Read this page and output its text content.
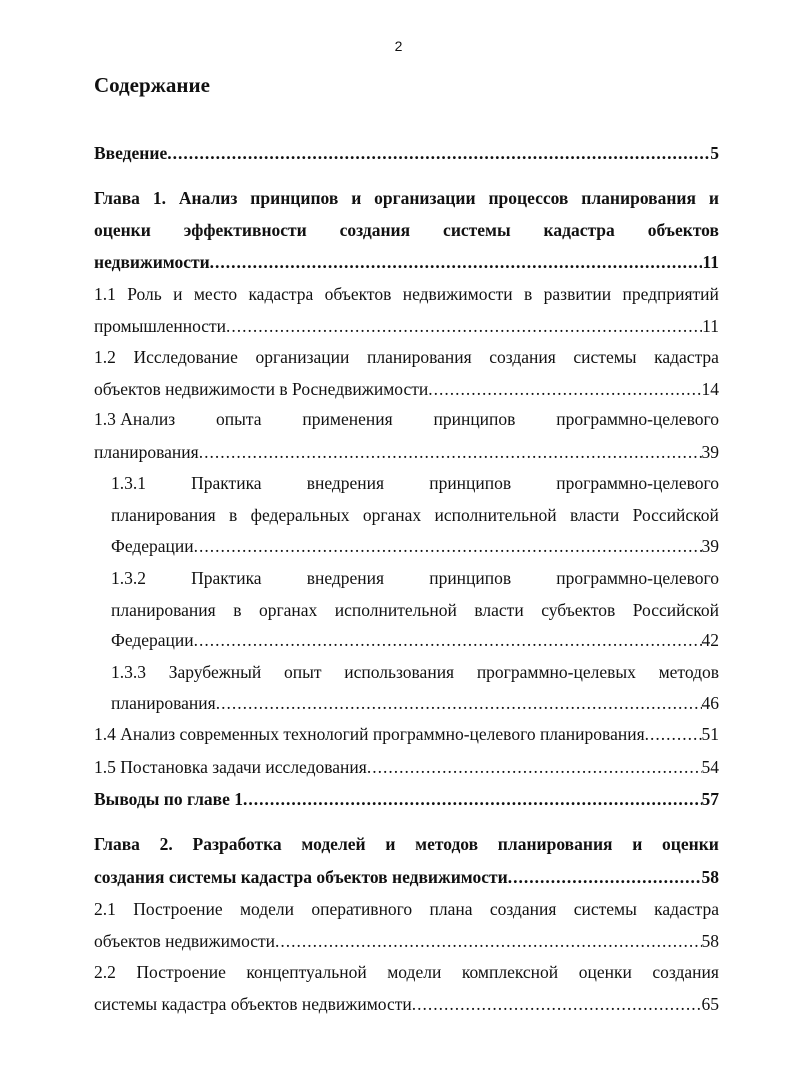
2
Содержание
Введение .....	5
Глава 1. Анализ принципов и организации процессов планирования и
оценки эффективности создания системы кадастра объектов
недвижимости .....	11
1.1 Роль и место кадастра объектов недвижимости в развитии предприятий
промышленности .....	11
1.2 Исследование организации планирования создания системы кадастра
объектов недвижимости в Роснедвижимости .....	14
1.3 Анализ опыта применения принципов программно-целевого
планирования .....	39
1.3.1	Практика	внедрения	принципов	программно-целевого
планирования в федеральных органах исполнительной власти Российской
Федерации .....	39
1.3.2	Практика	внедрения	принципов	программно-целевого
планирования в органах исполнительной власти субъектов Российской
Федерации .....	42
1.3.3 Зарубежный опыт использования программно-целевых методов
планирования .....	46
1.4 Анализ современных технологий программно-целевого планирования .....	51
1.5 Постановка задачи исследования .....	54
Выводы по главе 1 .....	57
Глава 2. Разработка моделей и методов планирования и оценки
создания системы кадастра объектов недвижимости .....	58
2.1 Построение модели оперативного плана создания системы кадастра
объектов недвижимости .....	58
2.2 Построение концептуальной модели комплексной оценки создания
системы кадастра объектов недвижимости .....	65
